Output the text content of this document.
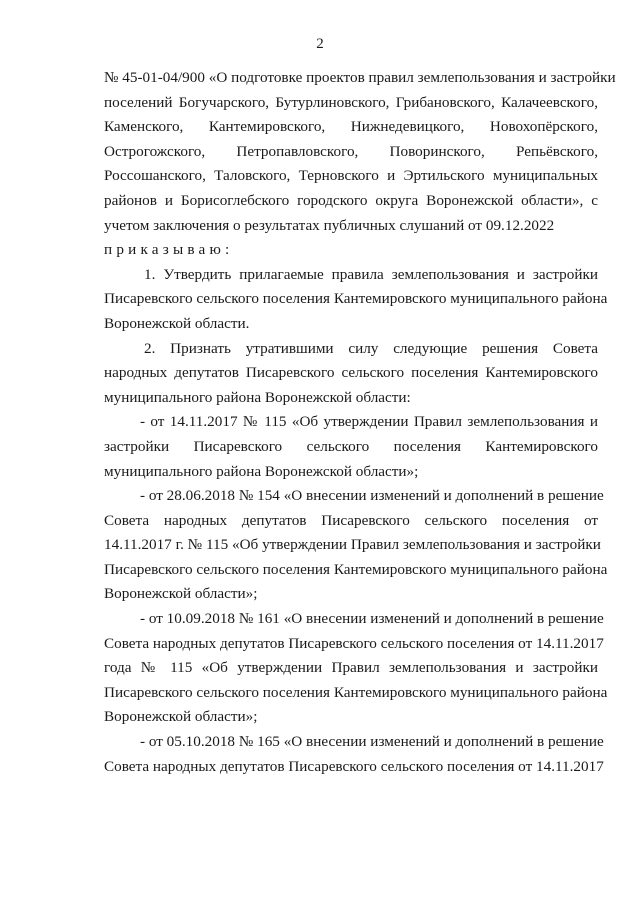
2
№ 45-01-04/900 «О подготовке проектов правил землепользования и застройки
поселений Богучарского, Бутурлиновского, Грибановского, Калачеевского,
Каменского, Кантемировского, Нижнедевицкого, Новохопёрского,
Острогожского, Петропавловского, Поворинского, Репьёвского,
Россошанского, Таловского, Терновского и Эртильского муниципальных
районов и Борисоглебского городского округа Воронежской области», с
учетом заключения о результатах публичных слушаний от 09.12.2022
приказываю:
1. Утвердить прилагаемые правила землепользования и застройки
Писаревского сельского поселения Кантемировского муниципального района
Воронежской области.
2. Признать утратившими силу следующие решения Совета
народных депутатов Писаревского сельского поселения Кантемировского
муниципального района Воронежской области:
- от 14.11.2017 № 115 «Об утверждении Правил землепользования и
застройки Писаревского сельского поселения Кантемировского
муниципального района Воронежской области»;
- от 28.06.2018 № 154 «О внесении изменений и дополнений в решение
Совета народных депутатов Писаревского сельского поселения от
14.11.2017 г. № 115 «Об утверждении Правил землепользования и застройки
Писаревского сельского поселения Кантемировского муниципального района
Воронежской области»;
- от 10.09.2018 № 161 «О внесении изменений и дополнений в решение
Совета народных депутатов Писаревского сельского поселения от 14.11.2017
года № 115 «Об утверждении Правил землепользования и застройки
Писаревского сельского поселения Кантемировского муниципального района
Воронежской области»;
- от 05.10.2018 № 165 «О внесении изменений и дополнений в решение
Совета народных депутатов Писаревского сельского поселения от 14.11.2017
